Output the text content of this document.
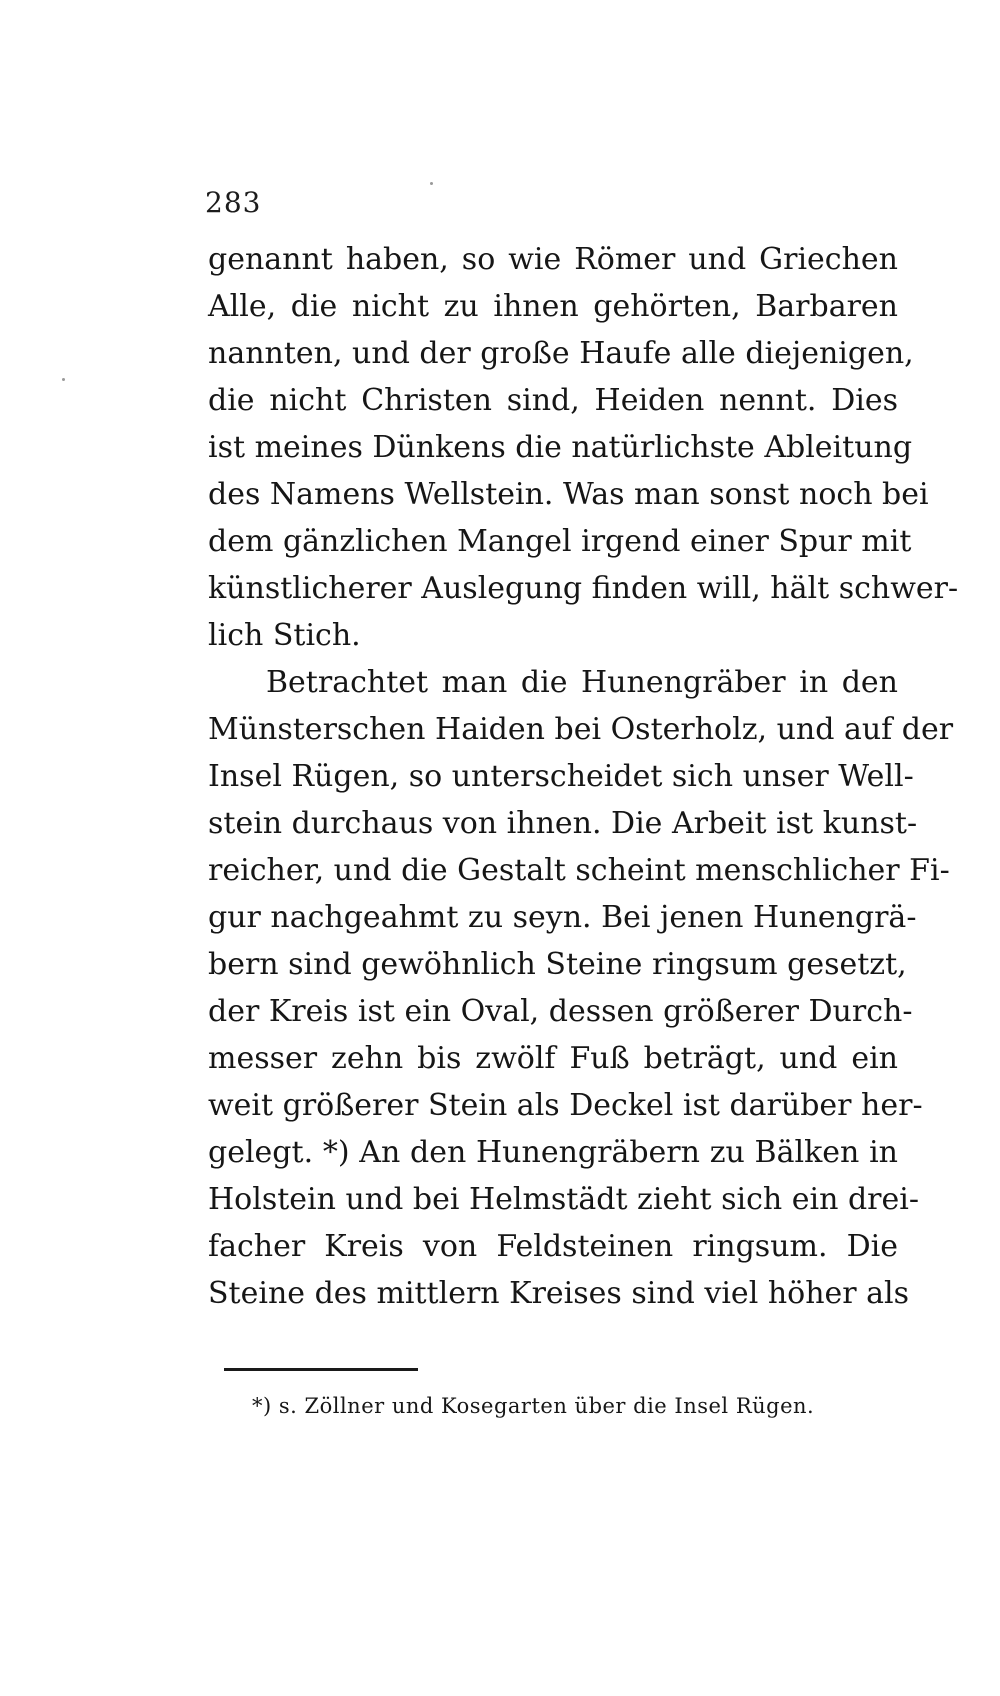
283
genannt haben, so wie Römer und Griechen
Alle, die nicht zu ihnen gehörten, Barbaren
nannten, und der große Haufe alle diejenigen,
die nicht Christen sind, Heiden nennt. Dies
ist meines Dünkens die natürlichste Ableitung
des Namens Wellstein. Was man sonst noch bei
dem gänzlichen Mangel irgend einer Spur mit
künstlicherer Auslegung finden will, hält schwer-
lich Stich.
Betrachtet man die Hunengräber in den
Münsterschen Haiden bei Osterholz, und auf der
Insel Rügen, so unterscheidet sich unser Well-
stein durchaus von ihnen. Die Arbeit ist kunst-
reicher, und die Gestalt scheint menschlicher Fi-
gur nachgeahmt zu seyn. Bei jenen Hunengrä-
bern sind gewöhnlich Steine ringsum gesetzt,
der Kreis ist ein Oval, dessen größerer Durch-
messer zehn bis zwölf Fuß beträgt, und ein
weit größerer Stein als Deckel ist darüber her-
gelegt. *) An den Hunengräbern zu Bälken in
Holstein und bei Helmstädt zieht sich ein drei-
facher Kreis von Feldsteinen ringsum. Die
Steine des mittlern Kreises sind viel höher als
*) s. Zöllner und Kosegarten über die Insel Rügen.
